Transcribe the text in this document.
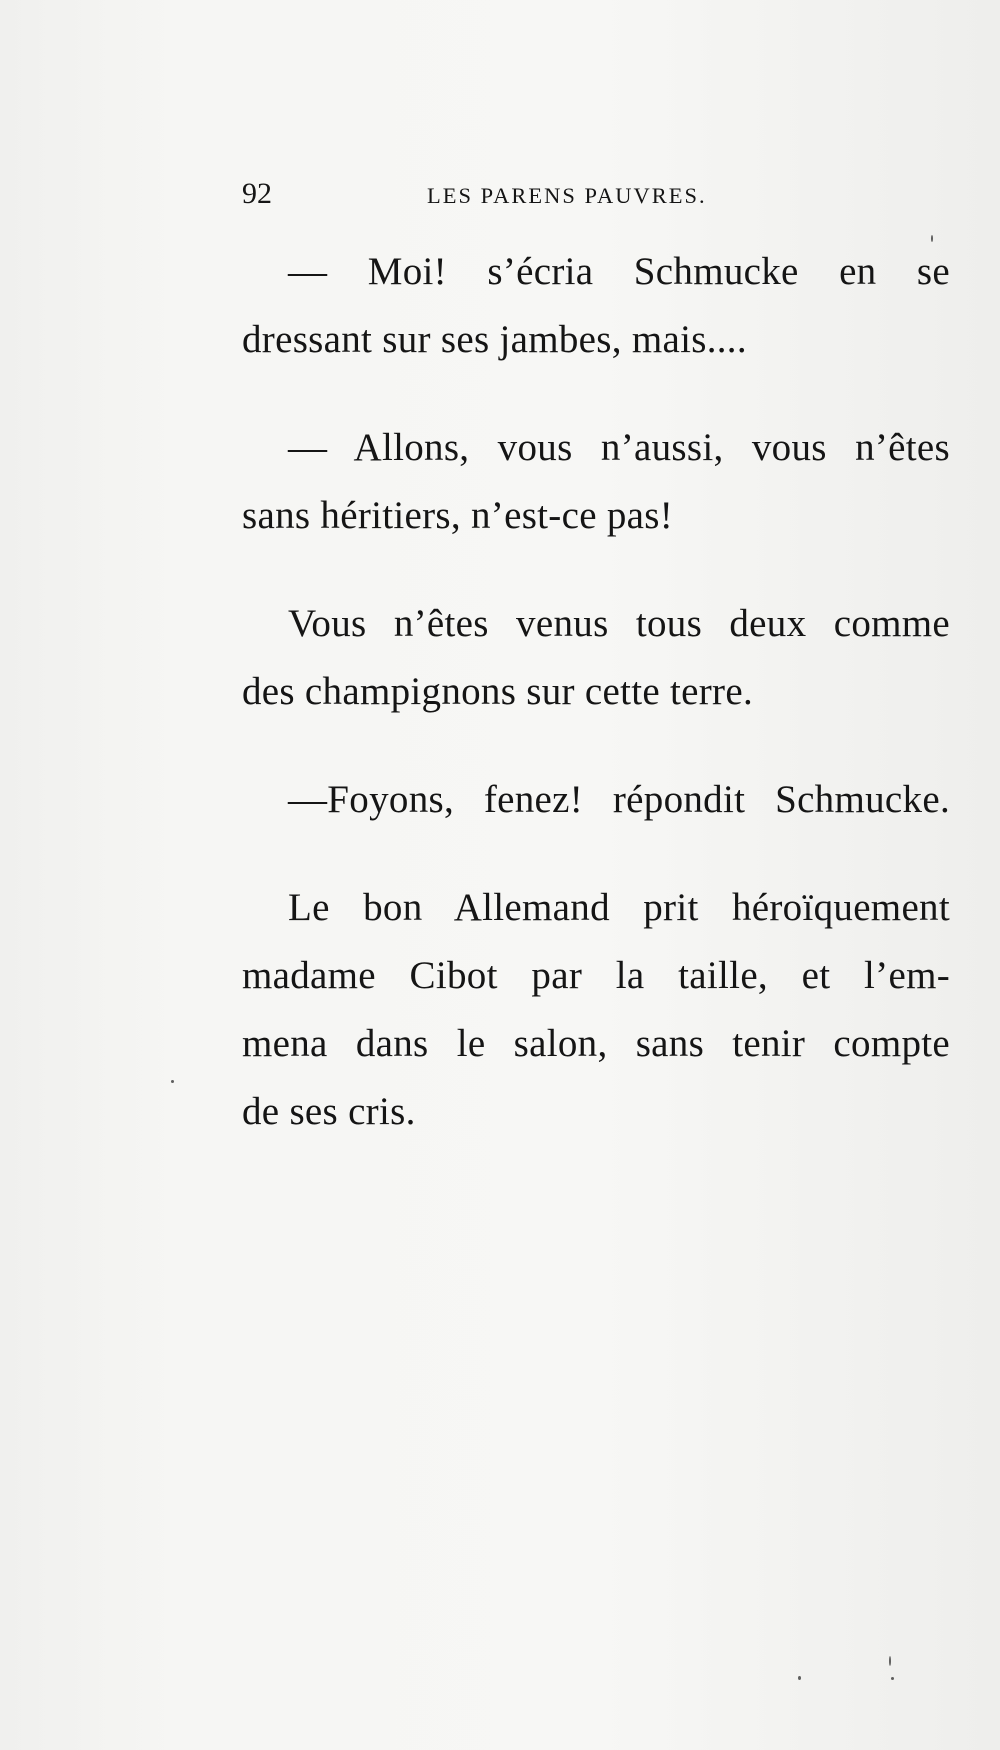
92	LES PARENS PAUVRES.
— Moi! s’écria Schmucke en se
dressant sur ses jambes, mais....
— Allons, vous n’aussi, vous n’êtes
sans héritiers, n’est-ce pas!
Vous n’êtes venus tous deux comme
des champignons sur cette terre.
—Foyons, fenez! répondit Schmucke.
Le bon Allemand prit héroïquement
madame Cibot par la taille, et l’em-
mena dans le salon, sans tenir compte
de ses cris.
